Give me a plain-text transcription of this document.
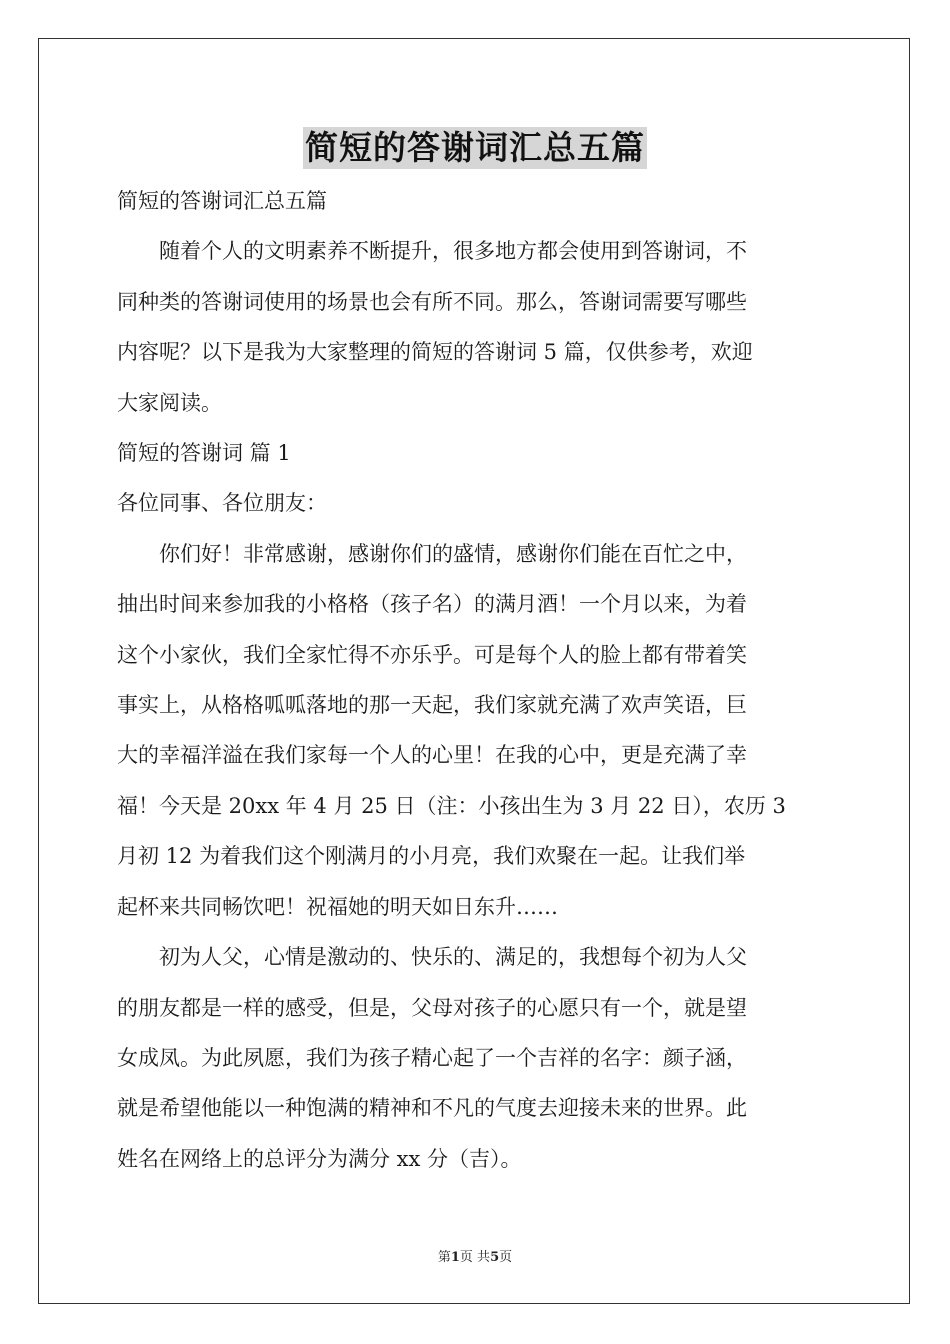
简短的答谢词汇总五篇
简短的答谢词汇总五篇
随着个人的文明素养不断提升，很多地方都会使用到答谢词，不
同种类的答谢词使用的场景也会有所不同。那么，答谢词需要写哪些
内容呢？以下是我为大家整理的简短的答谢词 5 篇，仅供参考，欢迎
大家阅读。
简短的答谢词 篇 1
各位同事、各位朋友：
你们好！非常感谢，感谢你们的盛情，感谢你们能在百忙之中，
抽出时间来参加我的小格格（孩子名）的满月酒！一个月以来，为着
这个小家伙，我们全家忙得不亦乐乎。可是每个人的脸上都有带着笑
事实上，从格格呱呱落地的那一天起，我们家就充满了欢声笑语，巨
大的幸福洋溢在我们家每一个人的心里！在我的心中，更是充满了幸
福！今天是 20xx 年 4 月 25 日（注：小孩出生为 3 月 22 日），农历 3
月初 12 为着我们这个刚满月的小月亮，我们欢聚在一起。让我们举
起杯来共同畅饮吧！祝福她的明天如日东升……
初为人父，心情是激动的、快乐的、满足的，我想每个初为人父
的朋友都是一样的感受，但是，父母对孩子的心愿只有一个，就是望
女成凤。为此夙愿，我们为孩子精心起了一个吉祥的名字：颜子涵，
就是希望他能以一种饱满的精神和不凡的气度去迎接未来的世界。此
姓名在网络上的总评分为满分 xx 分（吉）。
第1页 共5页
